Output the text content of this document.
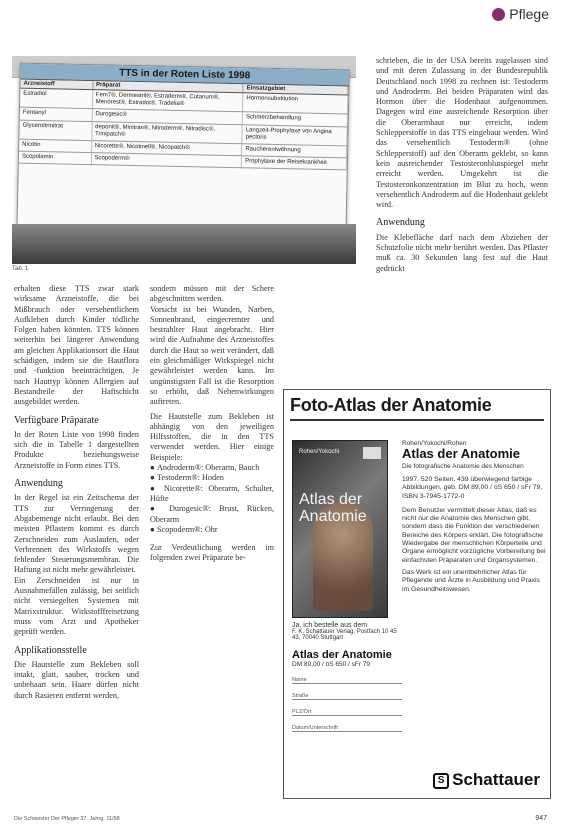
Pflege
TTS in der Roten Liste 1998
Arzneistoff	Präparat	Einsatzgebiet
Estradiol	Fem7®, Dermestril®, Estraderm®, Cutanum®, Menorest®, Estradot®, Tradelia®	Hormonsubstitution
Fentanyl	Durogesic®	Schmerzbehandlung
Glyceroltrinitrat	deponit®, Minitran®, Nitroderm®, Nitradisc®, Trinipatch®	Langzeit-Prophylaxe von Angina pectoris
Nicotin	Nicorette®, Nicotinell®, Nicopatch®	Raucherentwöhnung
Scopolamin	Scopoderm®	Prophylaxe der Reisekrankheit
Tab. 1

erhalten diese TTS zwar stark wirksame Arzneistoffe, die bei Mißbrauch oder versehentlichem Aufkleben durch Kinder tödliche Folgen haben könnten. TTS können weiterhin bei längerer Anwendung am gleichen Applikationsort die Haut schädigen, indem sie die Hautflora und -funktion beeinträchtigen. Je nach Hauttyp können Allergien auf Bestandteile der Haftschicht ausgebildet werden.

Verfügbare Präparate

In der Roten Liste von 1998 finden sich die in Tabelle 1 dargestellten Produkte beziehungsweise Arzneistoffe in Form eines TTS.

Anwendung

In der Regel ist ein Zeitschema der TTS zur Verringerung der Abgabemenge nicht erlaubt. Bei den meisten Pflastern kommt es durch Zerschneiden zum Auslaufen, oder Verbrennen des Wirkstoffs wegen fehlender Steuerungsmembran. Die Haftung ist nicht mehr gewährleistet.

Ein Zerschneiden ist nur in Ausnahmefällen zulässig, bei seitlich nicht versiegelten Systemen mit Matrixstruktur. Wirkstofffreisetzung muss vom Arzt und Apotheker geprüft werden.

Applikationsstelle

Die Hautstelle zum Bekleben soll intakt, glatt, sauber, trocken und unbehaart sein. Haare dürfen nicht durch Rasieren entfernt werden,

sondern müssen mit der Schere abgeschnitten werden.

Vorsicht ist bei Wunden, Narben, Sonnenbrand, eingecremter und bestrahlter Haut angebracht. Hier wird die Aufnahme des Arzneistoffes durch die Haut so weit verändert, daß ein gleichmäßiger Wirkspiegel nicht gewährleistet werden kann. Im ungünstigsten Fall ist die Resorption so erhöht, daß Nebenwirkungen auftreten.

Die Hautstelle zum Bekleben ist abhängig von den jeweiligen Hilfsstoffen, die in den TTS verwendet werden. Hier einige Beispiele:

● Androderm®: Oberarm, Bauch
● Testoderm®: Hoden
● Nicorette®: Oberarm, Schulter, Hüfte
● Durogesic®: Brust, Rücken, Oberarm
● Scopoderm®: Ohr

Zur Verdeutlichung werden im folgenden zwei Präparate be-

schrieben, die in der USA bereits zugelassen sind und mit deren Zulassung in der Bundesrepublik Deutschland noch 1998 zu rechnen ist: Testoderm und Androderm. Bei beiden Präparaten wird das Hormon über die Hodenhaut aufgenommen. Dagegen wird eine ausreichende Resorption über die Oberarmhaut nur erreicht, indem Schlepperstoffe in das TTS eingebaut werden. Wird das versehentlich Testoderm® (ohne Schlepperstoff) auf den Oberarm geklebt, so kann kein ausreichender Testosteronblutspiegel mehr erreicht werden. Umgekehrt ist die Testosteronkonzentration im Blut zu hoch, wenn versehentlich Androderm auf die Hodenhaut geklebt wird.

Anwendung

Die Klebefläche darf nach dem Abziehen der Schutzfolie nicht mehr berührt werden. Das Pflaster muß ca. 30 Sekunden lang fest auf die Haut gedrückt

Foto-Atlas der Anatomie
Rohen/Yokochi
Atlas der Anatomie
Rohen/Yokochi/Rohen
Atlas der Anatomie
Die fotografische Anatomie des Menschen
1997. 520 Seiten, 439 überwiegend farbige Abbildungen, geb. DM 89,00 / öS 650 / sFr 79, ISBN 3-7945-1772-0
Dem Benutzer vermittelt dieser Atlas, daß es nicht nur die Anatomie des Menschen gibt, sondern dass die Funktion der verschiedenen Bereiche des Körpers erklärt. Die fotografische Wiedergabe der menschlichen Körperteile und Organe ermöglicht vorzügliche Vorbereitung bei einfachsten Präparaten und Organsystemen.
Das Werk ist ein unentbehrlicher Atlas für Pflegende und Ärzte in Ausbildung und Praxis im Gesundheitswesen.
Ja, ich bestelle aus dem
F. K. Schattauer Verlag, Postfach 10 45 43, 70040 Stuttgart
Atlas der Anatomie
DM 89,00 / öS 650 / sFr 79
Name
Straße
PLZ/Ort
Datum/Unterschrift
S Schattauer
Die Schwester Der Pfleger 37. Jahrg. 11/98	947
